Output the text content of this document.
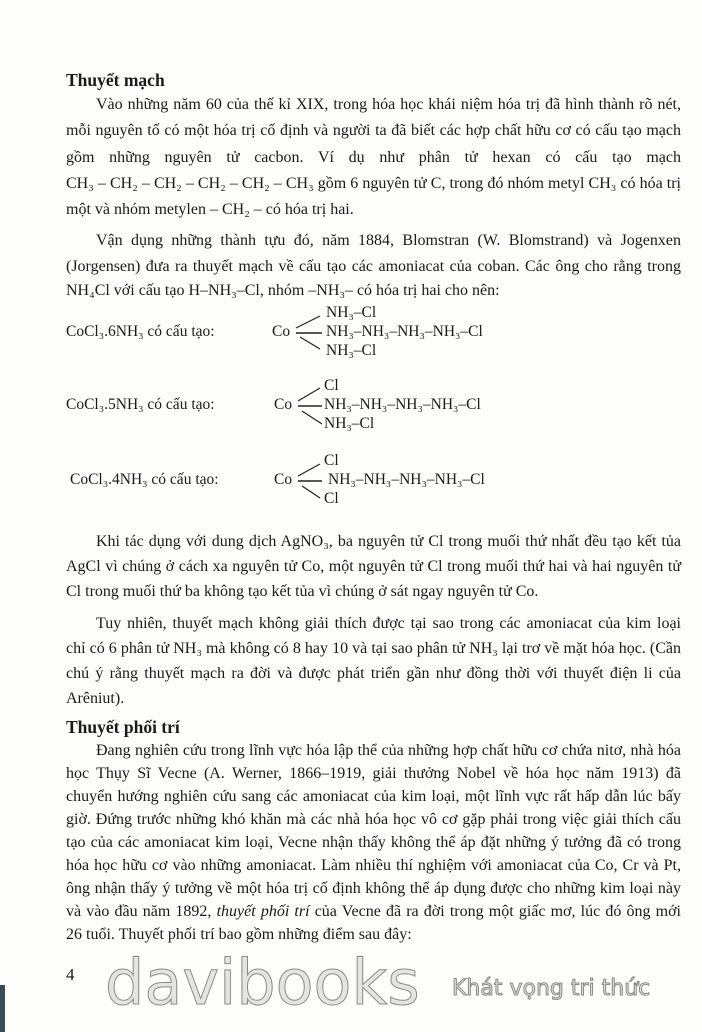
Thuyết mạch
Vào những năm 60 của thế kỉ XIX, trong hóa học khái niệm hóa trị đã hình thành rõ nét,
mỗi nguyên tố có một hóa trị cố định và người ta đã biết các hợp chất hữu cơ có cấu tạo mạch
gồm những nguyên tử cacbon. Ví dụ như phân tử hexan có cấu tạo mạch
CH₃ – CH₂ – CH₂ – CH₂ – CH₂ – CH₃ gồm 6 nguyên tử C, trong đó nhóm metyl CH₃ có hóa trị
một và nhóm metylen – CH₂ – có hóa trị hai.
Vận dụng những thành tựu đó, năm 1884, Blomstran (W. Blomstrand) và Jogenxen
(Jorgensen) đưa ra thuyết mạch về cấu tạo các amoniacat của coban. Các ông cho rằng trong
NH₄Cl với cấu tạo H–NH₃–Cl, nhóm –NH₃– có hóa trị hai cho nên:
CoCl₃.6NH₃ có cấu tạo:	Co
NH₃–Cl
NH₃–NH₃–NH₃–NH₃–Cl
NH₃–Cl
CoCl₃.5NH₃ có cấu tạo:	Co
Cl
NH₃–NH₃–NH₃–NH₃–Cl
NH₃–Cl
CoCl₃.4NH₃ có cấu tạo:	Co
Cl
NH₃–NH₃–NH₃–NH₃–Cl
Cl
Khi tác dụng với dung dịch AgNO₃, ba nguyên tử Cl trong muối thứ nhất đều tạo kết tủa
AgCl vì chúng ở cách xa nguyên tử Co, một nguyên tử Cl trong muối thứ hai và hai nguyên tử
Cl trong muối thứ ba không tạo kết tủa vì chúng ở sát ngay nguyên tử Co.
Tuy nhiên, thuyết mạch không giải thích được tại sao trong các amoniacat của kim loại
chỉ có 6 phân tử NH₃ mà không có 8 hay 10 và tại sao phân tử NH₃ lại trơ về mặt hóa học. (Cần
chú ý rằng thuyết mạch ra đời và được phát triển gần như đồng thời với thuyết điện li của
Arêniut).
Thuyết phối trí
Đang nghiên cứu trong lĩnh vực hóa lập thể của những hợp chất hữu cơ chứa nitơ, nhà hóa
học Thụy Sĩ Vecne (A. Werner, 1866–1919, giải thưởng Nobel về hóa học năm 1913) đã
chuyển hướng nghiên cứu sang các amoniacat của kim loại, một lĩnh vực rất hấp dẫn lúc bấy
giờ. Đứng trước những khó khăn mà các nhà hóa học vô cơ gặp phải trong việc giải thích cấu
tạo của các amoniacat kim loại, Vecne nhận thấy không thể áp đặt những ý tưởng đã có trong
hóa học hữu cơ vào những amoniacat. Làm nhiều thí nghiệm với amoniacat của Co, Cr và Pt,
ông nhận thấy ý tưởng về một hóa trị cố định không thể áp dụng được cho những kim loại này
và vào đầu năm 1892, thuyết phối trí của Vecne đã ra đời trong một giấc mơ, lúc đó ông mới
26 tuổi. Thuyết phối trí bao gồm những điểm sau đây:
4 davibooks Khát vọng tri thức
